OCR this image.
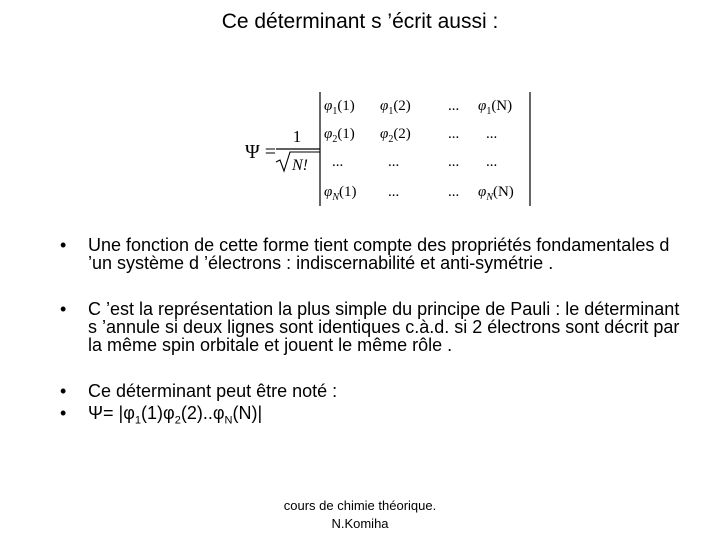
Ce déterminant s ’écrit aussi :
Ψ =
1
N!
$\varphi_1(1)$ $\varphi_1(2)$ ... $\varphi_1(N)$
$\varphi_2(1)$ $\varphi_2(2)$ ... ...
...	...	... ...
$\varphi_N(1)$ ...	... $\varphi_N(N)$
•	Une fonction de cette forme tient compte des propriétés fondamentales d ’un système d ’électrons : indiscernabilité et anti-symétrie .
•	C ’est la représentation la plus simple du principe de Pauli : le déterminant s ’annule si deux lignes sont identiques c.à.d. si 2 électrons sont décrit par la même spin orbitale et jouent le même rôle .
•	Ce déterminant peut être noté :
•	$\Psi= |\varphi_1(1)\varphi_2(2)..\varphi_N(N)|$
cours de chimie théorique.
N.Komiha
